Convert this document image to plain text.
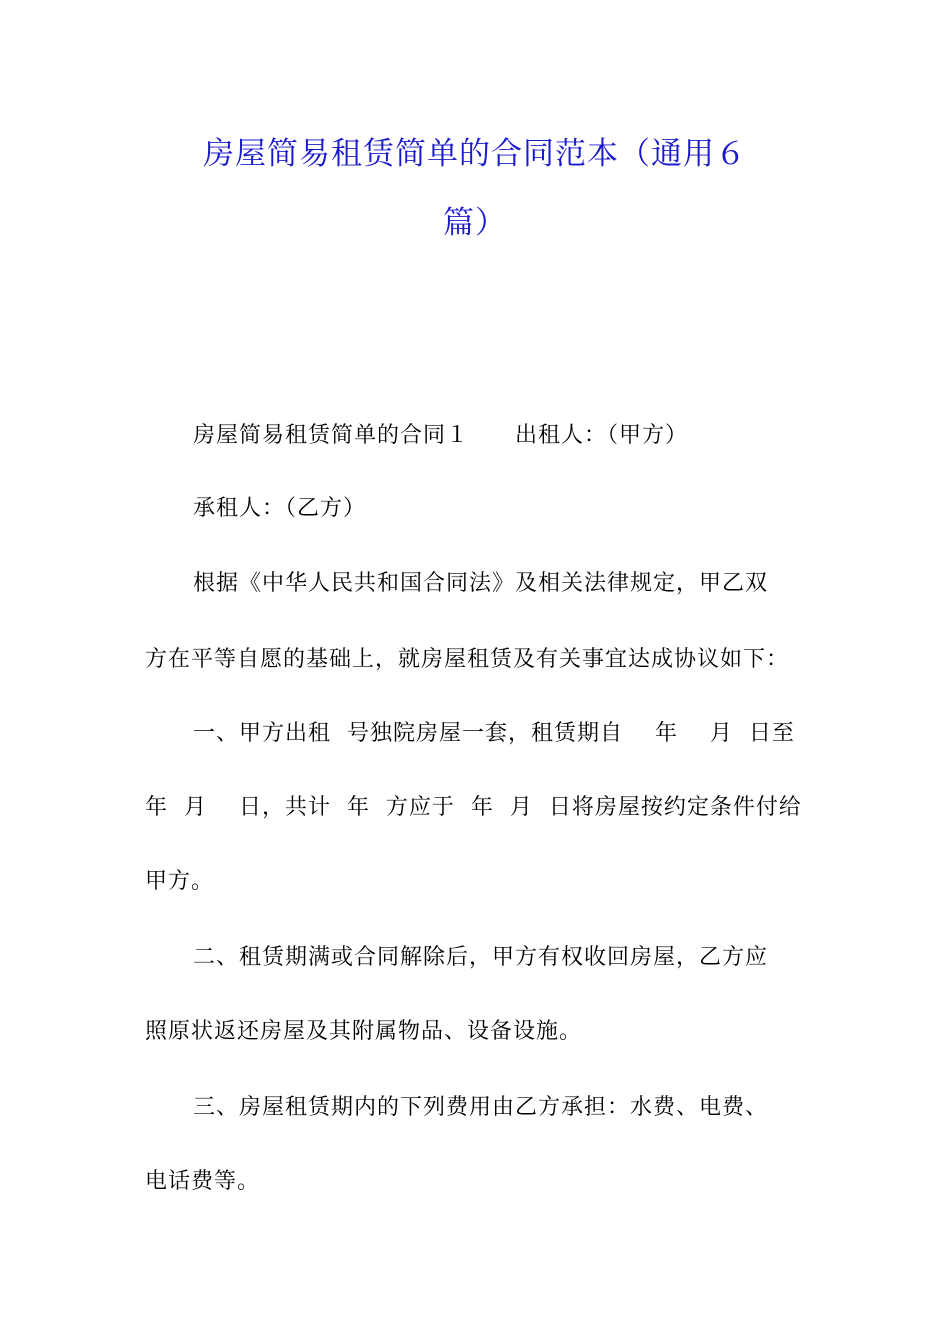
房屋简易租赁简单的合同范本（通用６
篇）
房屋简易租赁简单的合同１　　出租人：（甲方）
承租人：（乙方）
根据《中华人民共和国合同法》及相关法律规定，甲乙双
方在平等自愿的基础上，就房屋租赁及有关事宜达成协议如下：
一、甲方出租  号独院房屋一套，租赁期自    年    月  日至
年  月    日，共计  年  方应于  年  月  日将房屋按约定条件付给
甲方。
二、租赁期满或合同解除后，甲方有权收回房屋，乙方应
照原状返还房屋及其附属物品、设备设施。
三、房屋租赁期内的下列费用由乙方承担：水费、电费、
电话费等。
